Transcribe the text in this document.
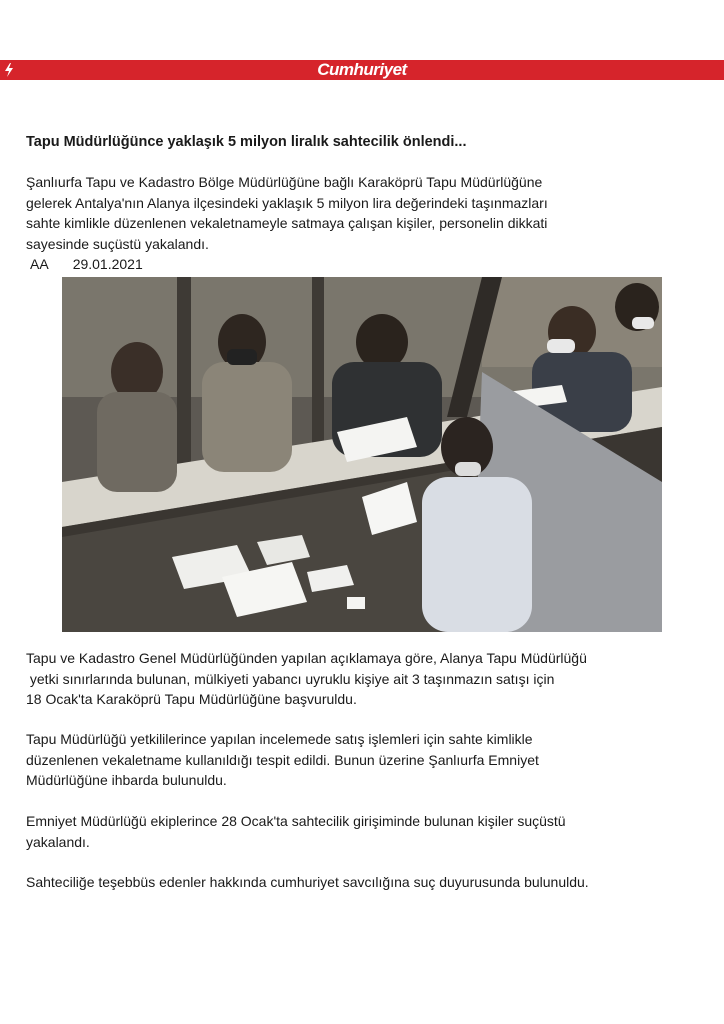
Cumhuriyet
Tapu Müdürlüğünce yaklaşık 5 milyon liralık sahtecilik önlendi...

Şanlıurfa Tapu ve Kadastro Bölge Müdürlüğüne bağlı Karaköprü Tapu Müdürlüğüne
gelerek Antalya'nın Alanya ilçesindeki yaklaşık 5 milyon lira değerindeki taşınmazları
sahte kimlikle düzenlenen vekaletnameyle satmaya çalışan kişiler, personelin dikkati
sayesinde suçüstü yakalandı.

AA 29.01.2021

Tapu ve Kadastro Genel Müdürlüğünden yapılan açıklamaya göre, Alanya Tapu Müdürlüğü
yetki sınırlarında bulunan, mülkiyeti yabancı uyruklu kişiye ait 3 taşınmazın satışı için
18 Ocak'ta Karaköprü Tapu Müdürlüğüne başvuruldu.

Tapu Müdürlüğü yetkililerince yapılan incelemede satış işlemleri için sahte kimlikle
düzenlenen vekaletname kullanıldığı tespit edildi. Bunun üzerine Şanlıurfa Emniyet
Müdürlüğüne ihbarda bulunuldu.

Emniyet Müdürlüğü ekiplerince 28 Ocak'ta sahtecilik girişiminde bulunan kişiler suçüstü
yakalandı.

Sahteciliğe teşebbüs edenler hakkında cumhuriyet savcılığına suç duyurusunda bulunuldu.
